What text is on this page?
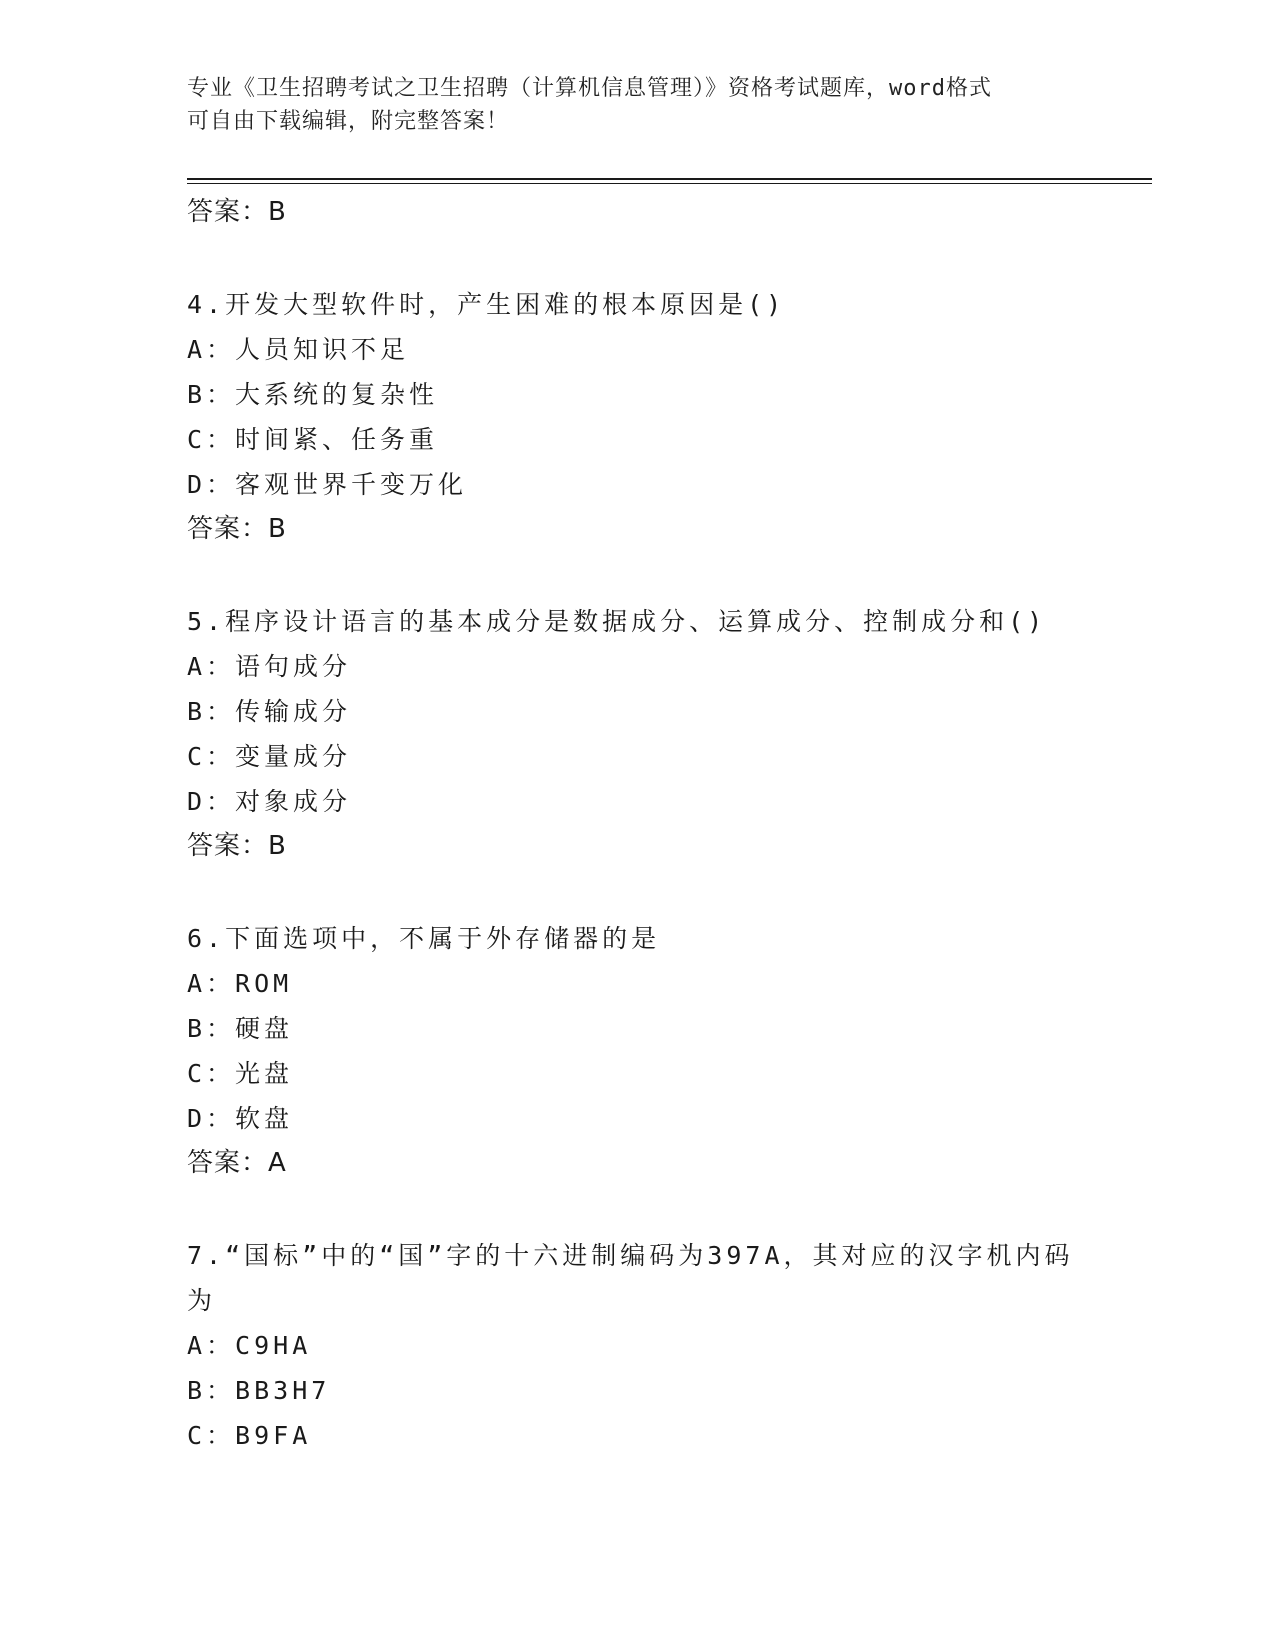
专业《卫生招聘考试之卫生招聘（计算机信息管理）》资格考试题库，word格式
可自由下载编辑，附完整答案！
答案：B
4.开发大型软件时，产生困难的根本原因是()
A：人员知识不足
B：大系统的复杂性
C：时间紧、任务重
D：客观世界千变万化
答案：B
5.程序设计语言的基本成分是数据成分、运算成分、控制成分和()
A：语句成分
B：传输成分
C：变量成分
D：对象成分
答案：B
6.下面选项中，不属于外存储器的是
A：ROM
B：硬盘
C：光盘
D：软盘
答案：A
7.“国标”中的“国”字的十六进制编码为397A，其对应的汉字机内码为
A：C9HA
B：BB3H7
C：B9FA
